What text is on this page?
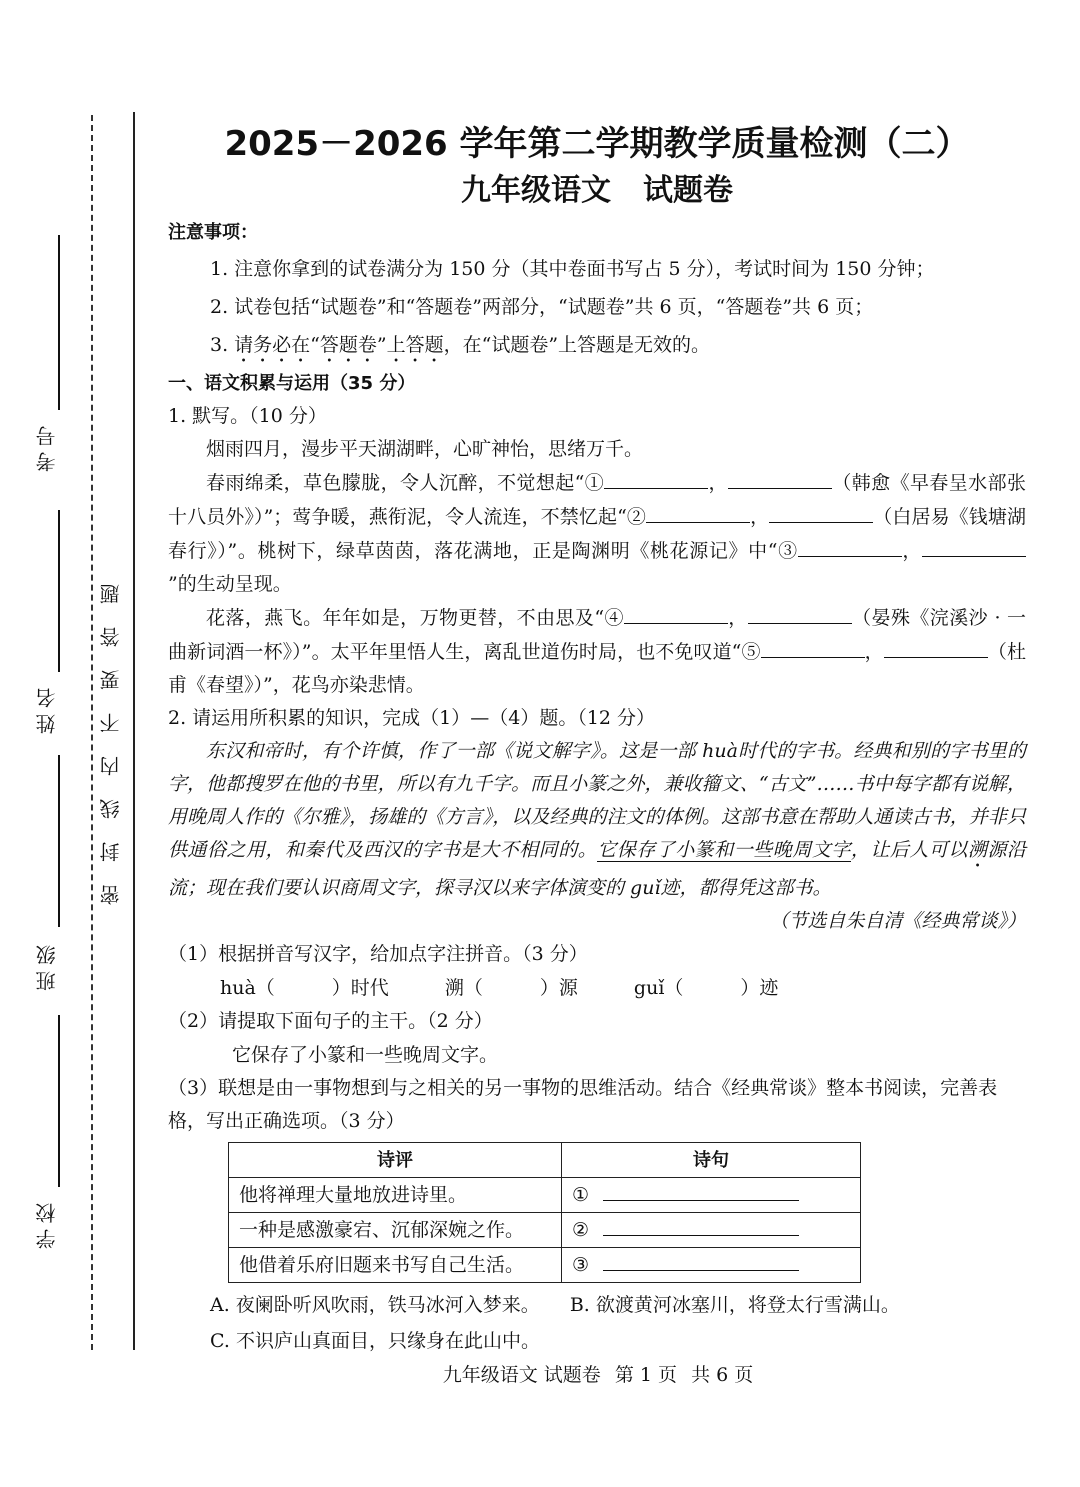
考号
姓名
班级
学校
密封线内不要答题
2025－2026 学年第二学期教学质量检测（二）
九年级语文 试题卷
注意事项：
1. 注意你拿到的试卷满分为 150 分（其中卷面书写占 5 分），考试时间为 150 分钟；
2. 试卷包括“试题卷”和“答题卷”两部分，“试题卷”共 6 页，“答题卷”共 6 页；
3. 请务必在“答题卷”上答题，在“试题卷”上答题是无效的。
一、语文积累与运用（35 分）
1. 默写。（10 分）
烟雨四月，漫步平天湖湖畔，心旷神怡，思绪万千。
春雨绵柔，草色朦胧，令人沉醉，不觉想起“①	，	（韩愈《早春呈水部张十八员外》）”；莺争暖，燕衔泥，令人流连，不禁忆起“②	，	（白居易《钱塘湖春行》）”。桃树下，绿草茵茵，落花满地，正是陶渊明《桃花源记》中“③	，”的生动呈现。
花落，燕飞。年年如是，万物更替，不由思及“④	，	（晏殊《浣溪沙 · 一曲新词酒一杯》）”。太平年里悟人生，离乱世道伤时局，也不免叹道“⑤	，	（杜甫《春望》）”，花鸟亦染悲情。
2. 请运用所积累的知识，完成（1）—（4）题。（12 分）
东汉和帝时，有个许慎，作了一部《说文解字》。这是一部 huà时代的字书。经典和别的字书里的字，他都搜罗在他的书里，所以有九千字。而且小篆之外，兼收籀文、“古文”……书中每字都有说解，用晚周人作的《尔雅》，扬雄的《方言》，以及经典的注文的体例。这部书意在帮助人通读古书，并非只供通俗之用，和秦代及西汉的字书是大不相同的。它保存了小篆和一些晚周文字，让后人可以溯源沿流；现在我们要认识商周文字，探寻汉以来字体演变的 guǐ迹，都得凭这部书。
（节选自朱自清《经典常谈》）
（1）根据拼音写汉字，给加点字注拼音。（3 分）
huà（　　　）时代	溯（　　　）源	guǐ（　　　）迹
（2）请提取下面句子的主干。（2 分）
它保存了小篆和一些晚周文字。
（3）联想是由一事物想到与之相关的另一事物的思维活动。结合《经典常谈》整本书阅读，完善表格，写出正确选项。（3 分）
诗评	诗句
他将禅理大量地放进诗里。	①
一种是感激豪宕、沉郁深婉之作。	②
他借着乐府旧题来书写自己生活。	③
A. 夜阑卧听风吹雨，铁马冰河入梦来。 B. 欲渡黄河冰塞川，将登太行雪满山。
C. 不识庐山真面目，只缘身在此山中。
九年级语文 试题卷 第 1 页 共 6 页
